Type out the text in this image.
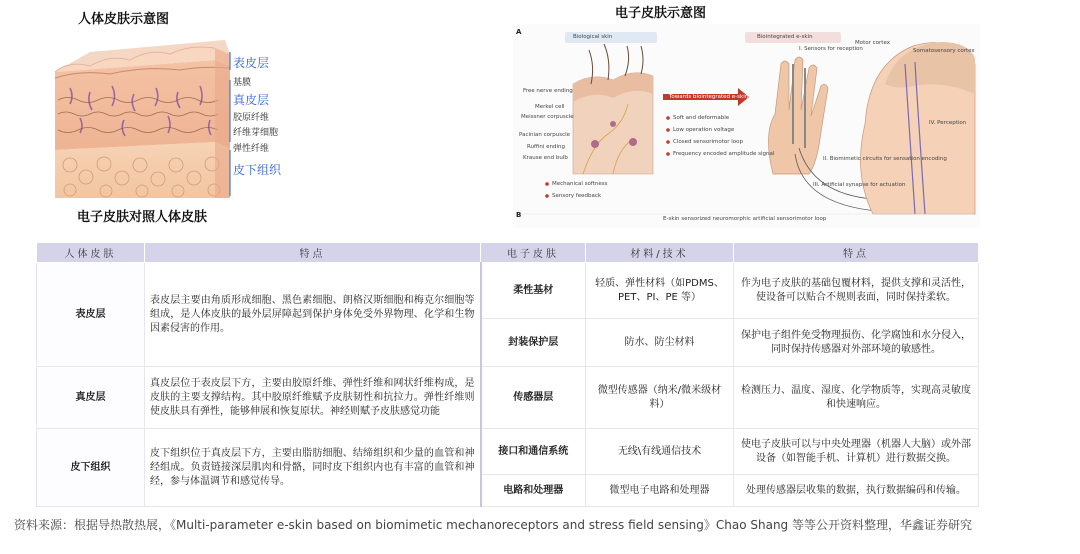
人体皮肤示意图	电子皮肤示意图
电子皮肤对照人体皮肤
表皮层
基膜
真皮层
胶原纤维
纤维芽细胞
弹性纤维
皮下组织
A
B
Biological skin	Biointegrated e-skin
Towards biointegrated e-skin
Free nerve ending
Merkel cell
Meissner corpuscle
Pacinian corpuscle
Ruffini ending
Krause end bulb
Soft and deformable
Low operation voltage
Closed sensorimotor loop
Frequency encoded amplitude signal
Mechanical softness
Sensory feedback
I. Sensors for reception
Motor cortex
Somatosensory cortex
II. Biomimetic circuits for sensation encoding
III. Artificial synapse for actuation
IV. Perception
E-skin sensorized neuromorphic artificial sensorimotor loop
人体皮肤	特点	电子皮肤	材料/技术	特点
表皮层	表皮层主要由角质形成细胞、黑色素细胞、朗格汉斯细胞和梅克尔细胞等组成，是人体皮肤的最外层屏障起到保护身体免受外界物理、化学和生物因素侵害的作用。	柔性基材	轻质、弹性材料（如PDMS、PET、PI、PE 等）	作为电子皮肤的基础包覆材料，提供支撑和灵活性，使设备可以贴合不规则表面，同时保持柔软。
		封装保护层	防水、防尘材料	保护电子组件免受物理损伤、化学腐蚀和水分侵入，同时保持传感器对外部环境的敏感性。
真皮层	真皮层位于表皮层下方，主要由胶原纤维、弹性纤维和网状纤维构成，是皮肤的主要支撑结构。其中胶原纤维赋予皮肤韧性和抗拉力。弹性纤维则使皮肤具有弹性，能够伸展和恢复原状。神经则赋予皮肤感觉功能	传感器层	微型传感器（纳米/微米级材料）	检测压力、温度、湿度、化学物质等，实现高灵敏度和快速响应。
皮下组织	皮下组织位于真皮层下方，主要由脂肪细胞、结缔组织和少量的血管和神经组成。负责链接深层肌肉和骨骼，同时皮下组织内也有丰富的血管和神经，参与体温调节和感觉传导。	接口和通信系统	无线\有线通信技术	使电子皮肤可以与中央处理器（机器人大脑）或外部设备（如智能手机、计算机）进行数据交换。
		电路和处理器	微型电子电路和处理器	处理传感器层收集的数据，执行数据编码和传输。
资料来源：根据导热散热展，《Multi-parameter e-skin based on biomimetic mechanoreceptors and stress field sensing》Chao Shang 等等公开资料整理，华鑫证券研究
